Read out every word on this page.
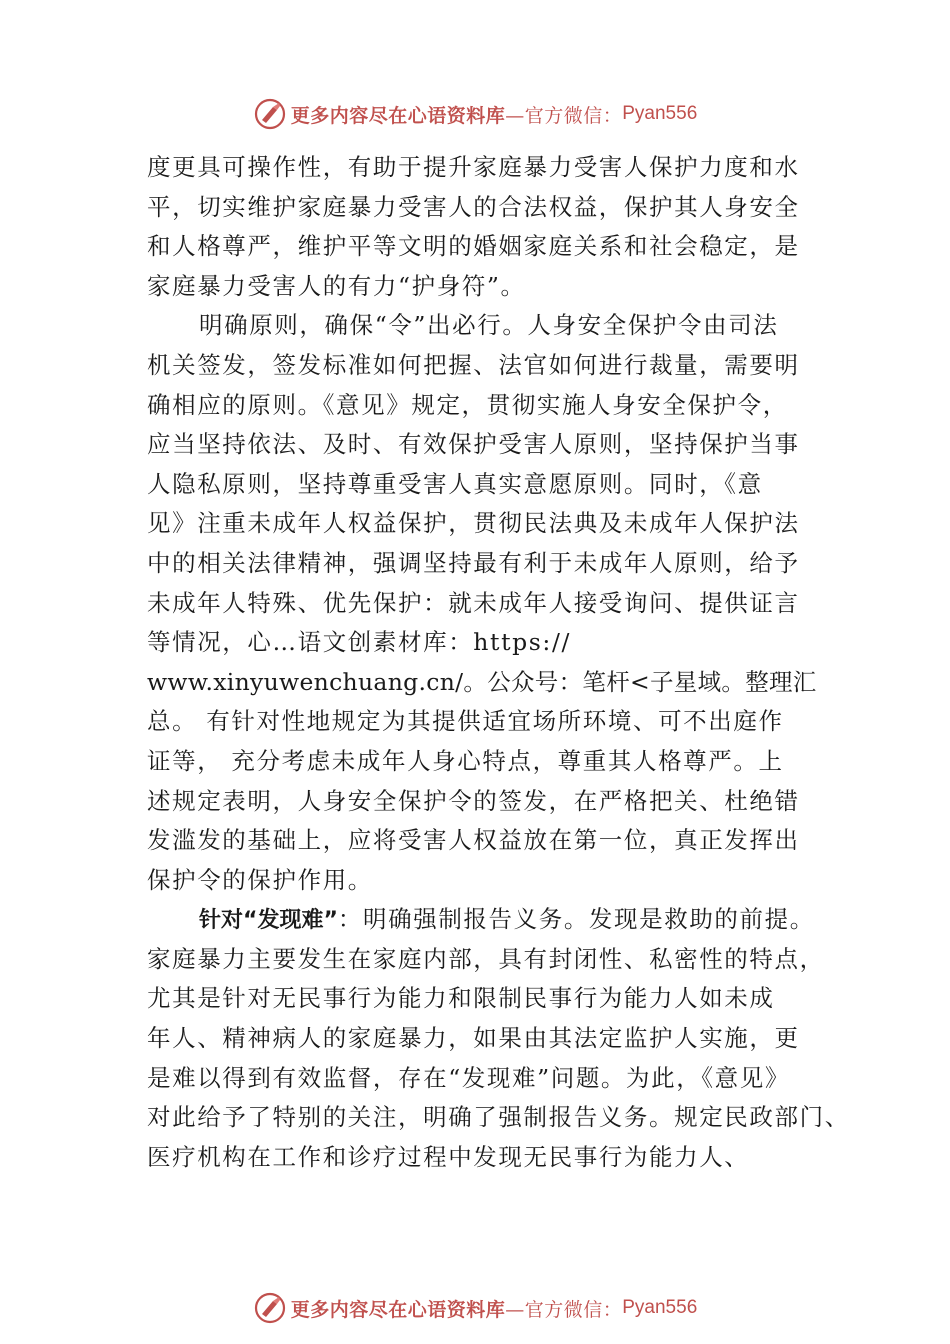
更多内容尽在心语资料库 —官方微信： Pyan556
度更具可操作性，有助于提升家庭暴力受害人保护力度和水
平，切实维护家庭暴力受害人的合法权益，保护其人身安全
和人格尊严，维护平等文明的婚姻家庭关系和社会稳定，是
家庭暴力受害人的有力“护身符”。
明确原则，确保“令”出必行。人身安全保护令由司法
机关签发，签发标准如何把握、法官如何进行裁量，需要明
确相应的原则。《意见》规定，贯彻实施人身安全保护令，
应当坚持依法、及时、有效保护受害人原则，坚持保护当事
人隐私原则，坚持尊重受害人真实意愿原则。同时，《意
见》注重未成年人权益保护，贯彻民法典及未成年人保护法
中的相关法律精神，强调坚持最有利于未成年人原则，给予
未成年人特殊、优先保护：就未成年人接受询问、提供证言
等情况，心…语文创素材库：https://
www.xinyuwenchuang.cn/。公众号：笔杆<子星域。整理汇
总。 有针对性地规定为其提供适宜场所环境、可不出庭作
证等， 充分考虑未成年人身心特点，尊重其人格尊严。上
述规定表明，人身安全保护令的签发，在严格把关、杜绝错
发滥发的基础上，应将受害人权益放在第一位，真正发挥出
保护令的保护作用。
针对“发现难”：明确强制报告义务。发现是救助的前提。
家庭暴力主要发生在家庭内部，具有封闭性、私密性的特点，
尤其是针对无民事行为能力和限制民事行为能力人如未成
年人、精神病人的家庭暴力，如果由其法定监护人实施，更
是难以得到有效监督，存在“发现难”问题。为此，《意见》
对此给予了特别的关注，明确了强制报告义务。规定民政部门、
医疗机构在工作和诊疗过程中发现无民事行为能力人、
更多内容尽在心语资料库 —官方微信： Pyan556
